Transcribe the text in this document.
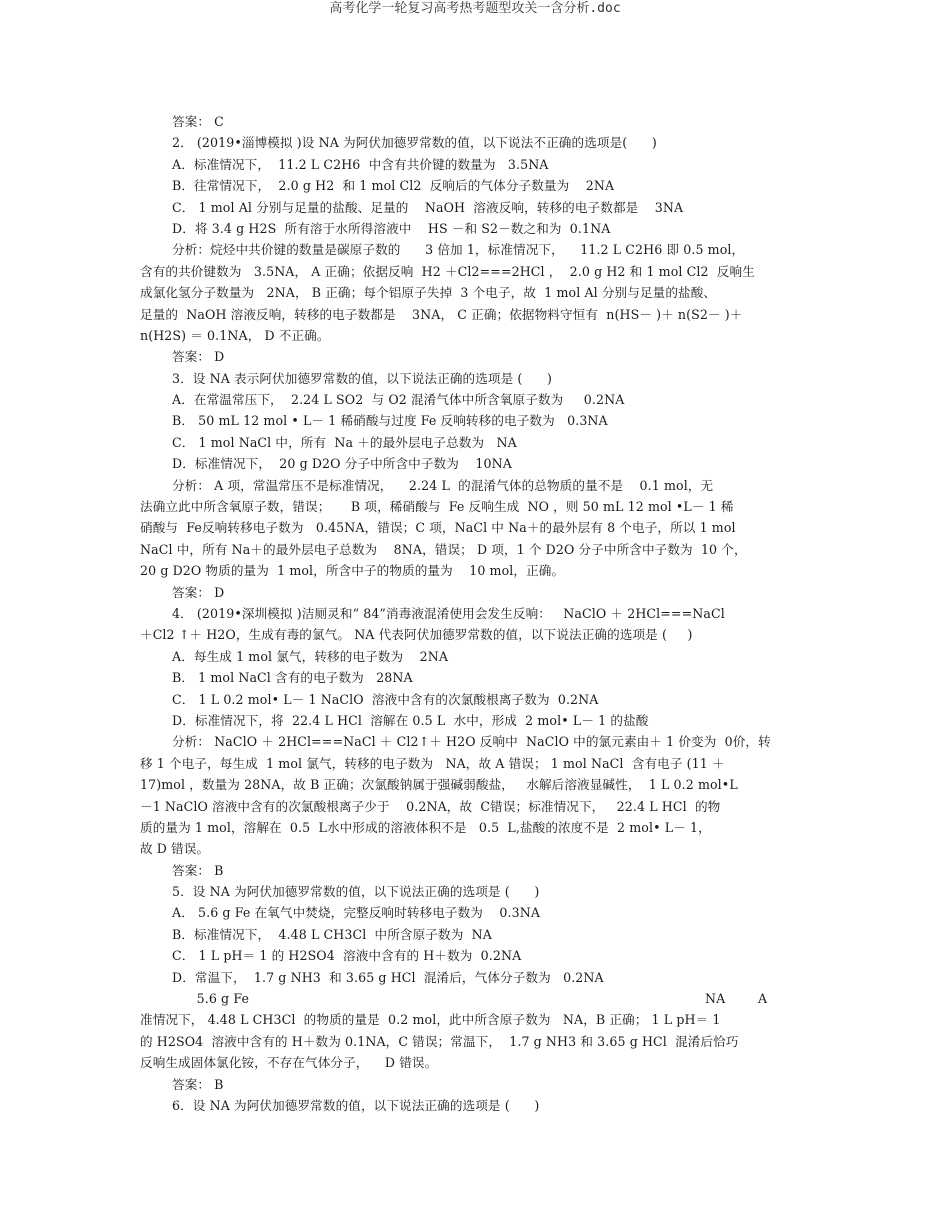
高考化学一轮复习高考热考题型攻关一含分析.doc
答案： C
2． (2019•淄博模拟 )设 NA 为阿伏加德罗常数的值，以下说法不正确的选项是(      )
A．标准情况下，  11.2 L C2H6  中含有共价键的数量为   3.5NA
B．往常情况下，  2.0 g H2  和 1 mol Cl2  反响后的气体分子数量为    2NA
C． 1 mol Al 分别与足量的盐酸、足量的    NaOH  溶液反响，转移的电子数都是    3NA
D．将 3.4 g H2S  所有溶于水所得溶液中    HS －和 S2－数之和为  0.1NA
分析：烷烃中共价键的数量是碳原子数的      3 倍加 1，标准情况下，    11.2 L C2H6 即 0.5 mol，
含有的共价键数为   3.5NA， A 正确；依据反响  H2 ＋Cl2===2HCl ，  2.0 g H2 和 1 mol Cl2  反响生
成氯化氢分子数量为   2NA， B 正确；每个铝原子失掉  3 个电子，故  1 mol Al 分别与足量的盐酸、
足量的  NaOH 溶液反响，转移的电子数都是    3NA， C 正确；依据物料守恒有  n(HS－ )＋ n(S2－ )＋
n(H2S) ＝ 0.1NA， D 不正确。
答案： D
3．设 NA 表示阿伏加德罗常数的值，以下说法正确的选项是 (      )
A．在常温常压下，  2.24 L SO2  与 O2 混淆气体中所含氧原子数为     0.2NA
B． 50 mL 12 mol • L－ 1 稀硝酸与过度 Fe 反响转移的电子数为   0.3NA
C． 1 mol NaCl 中，所有  Na ＋的最外层电子总数为   NA
D．标准情况下，  20 g D2O 分子中所含中子数为    10NA
分析： A 项，常温常压不是标准情况，    2.24 L  的混淆气体的总物质的量不是    0.1 mol，无
法确立此中所含氧原子数，错误；     B 项，稀硝酸与  Fe 反响生成  NO ，则 50 mL 12 mol •L－ 1 稀
硝酸与  Fe反响转移电子数为   0.45NA，错误；C 项，NaCl 中 Na＋的最外层有 8 个电子，所以 1 mol
NaCl 中，所有 Na＋的最外层电子总数为    8NA，错误； D 项，1 个 D2O 分子中所含中子数为  10 个，
20 g D2O 物质的量为  1 mol，所含中子的物质的量为    10 mol，正确。
答案： D
4． (2019•深圳模拟 )洁厕灵和“ 84”消毒液混淆使用会发生反响：   NaClO ＋ 2HCl===NaCl
＋Cl2 ↑＋ H2O，生成有毒的氯气。 NA 代表阿伏加德罗常数的值，以下说法正确的选项是 (     )
A．每生成 1 mol 氯气，转移的电子数为    2NA
B． 1 mol NaCl 含有的电子数为   28NA
C． 1 L 0.2 mol• L－ 1 NaClO  溶液中含有的次氯酸根离子数为  0.2NA
D．标准情况下，将  22.4 L HCl  溶解在 0.5 L  水中，形成  2 mol• L－ 1 的盐酸
分析： NaClO ＋ 2HCl===NaCl ＋ Cl2↑＋ H2O 反响中  NaClO 中的氯元素由＋ 1 价变为  0价，转
移 1 个电子，每生成  1 mol 氯气，转移的电子数为   NA，故 A 错误； 1 mol NaCl  含有电子 (11 ＋
17)mol ，数量为 28NA，故 B 正确；次氯酸钠属于强碱弱酸盐，   水解后溶液显碱性，  1 L 0.2 mol•L
－1 NaClO 溶液中含有的次氯酸根离子少于    0.2NA，故  C错误；标准情况下，   22.4 L HCl  的物
质的量为 1 mol，溶解在  0.5  L水中形成的溶液体积不是   0.5  L,盐酸的浓度不是  2 mol• L－ 1，
故 D 错误。
答案： B
5．设 NA 为阿伏加德罗常数的值，以下说法正确的选项是 (      )
A． 5.6 g Fe 在氧气中焚烧，完整反响时转移电子数为    0.3NA
B．标准情况下，  4.48 L CH3Cl  中所含原子数为  NA
C． 1 L pH＝ 1 的 H2SO4  溶液中含有的 H＋数为  0.2NA
D．常温下，  1.7 g NH3  和 3.65 g HCl  混淆后，气体分子数为   0.2NA
5.6 g Fe	NA	A
准情况下， 4.48 L CH3Cl  的物质的量是  0.2 mol，此中所含原子数为   NA，B 正确； 1 L pH＝ 1
的 H2SO4  溶液中含有的 H＋数为 0.1NA，C 错误；常温下，  1.7 g NH3 和 3.65 g HCl  混淆后恰巧
反响生成固体氯化铵，不存在气体分子，    D 错误。
答案： B
6．设 NA 为阿伏加德罗常数的值，以下说法正确的选项是 (      )
